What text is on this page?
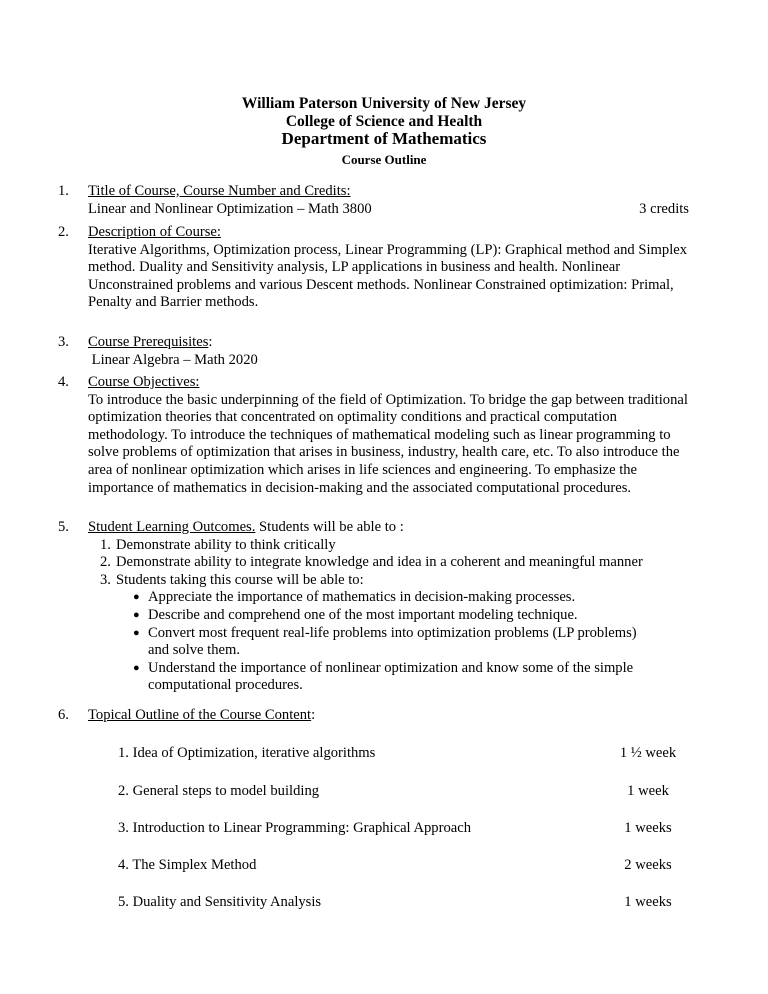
William Paterson University of New Jersey
College of Science and Health
Department of Mathematics
Course Outline
1. Title of Course, Course Number and Credits:
Linear and Nonlinear Optimization – Math 3800	3 credits
2. Description of Course:
Iterative Algorithms, Optimization process, Linear Programming (LP): Graphical method and Simplex method. Duality and Sensitivity analysis, LP applications in business and health. Nonlinear Unconstrained problems and various Descent methods. Nonlinear Constrained optimization: Primal, Penalty and Barrier methods.
3. Course Prerequisites:
Linear Algebra – Math 2020
4. Course Objectives:
To introduce the basic underpinning of the field of Optimization. To bridge the gap between traditional optimization theories that concentrated on optimality conditions and practical computation methodology. To introduce the techniques of mathematical modeling such as linear programming to solve problems of optimization that arises in business, industry, health care, etc. To also introduce the area of nonlinear optimization which arises in life sciences and engineering. To emphasize the importance of mathematics in decision-making and the associated computational procedures.
5. Student Learning Outcomes. Students will be able to :
1. Demonstrate ability to think critically
2. Demonstrate ability to integrate knowledge and idea in a coherent and meaningful manner
3. Students taking this course will be able to:
● Appreciate the importance of mathematics in decision-making processes.
● Describe and comprehend one of the most important modeling technique.
● Convert most frequent real-life problems into optimization problems (LP problems) and solve them.
● Understand the importance of nonlinear optimization and know some of the simple computational procedures.
6. Topical Outline of the Course Content:
1. Idea of Optimization, iterative algorithms	1 ½ week
2. General steps to model building	1 week
3. Introduction to Linear Programming: Graphical Approach	1 weeks
4. The Simplex Method	2 weeks
5. Duality and Sensitivity Analysis	1 weeks
